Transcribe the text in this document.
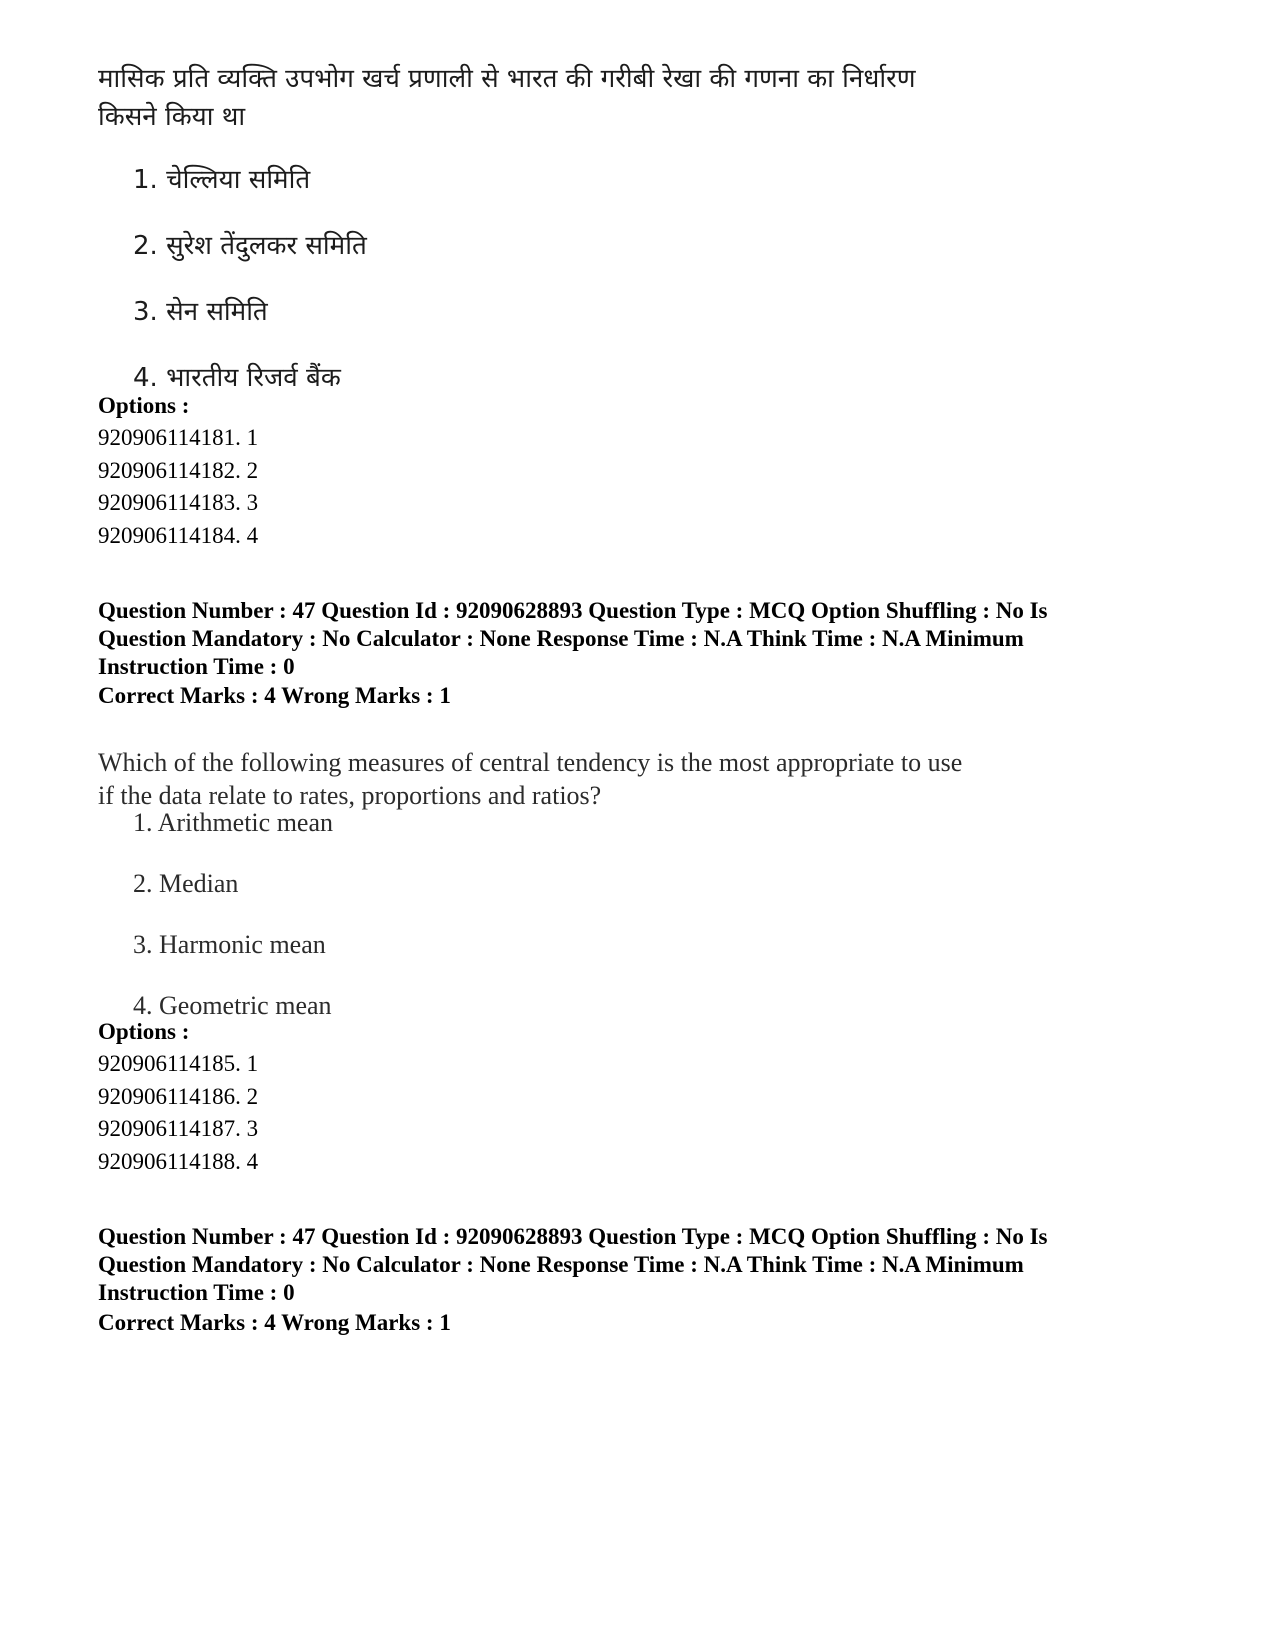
मासिक प्रति व्यक्ति उपभोग खर्च प्रणाली से भारत की गरीबी रेखा की गणना का निर्धारण
किसने किया था
1. चेल्लिया समिति
2. सुरेश तेंदुलकर समिति
3. सेन समिति
4. भारतीय रिजर्व बैंक
Options :
920906114181. 1
920906114182. 2
920906114183. 3
920906114184. 4
Question Number : 47 Question Id : 92090628893 Question Type : MCQ Option Shuffling : No Is
Question Mandatory : No Calculator : None Response Time : N.A Think Time : N.A Minimum
Instruction Time : 0
Correct Marks : 4 Wrong Marks : 1
Which of the following measures of central tendency is the most appropriate to use
if the data relate to rates, proportions and ratios?
1. Arithmetic mean
2. Median
3. Harmonic mean
4. Geometric mean
Options :
920906114185. 1
920906114186. 2
920906114187. 3
920906114188. 4
Question Number : 47 Question Id : 92090628893 Question Type : MCQ Option Shuffling : No Is
Question Mandatory : No Calculator : None Response Time : N.A Think Time : N.A Minimum
Instruction Time : 0
Correct Marks : 4 Wrong Marks : 1
